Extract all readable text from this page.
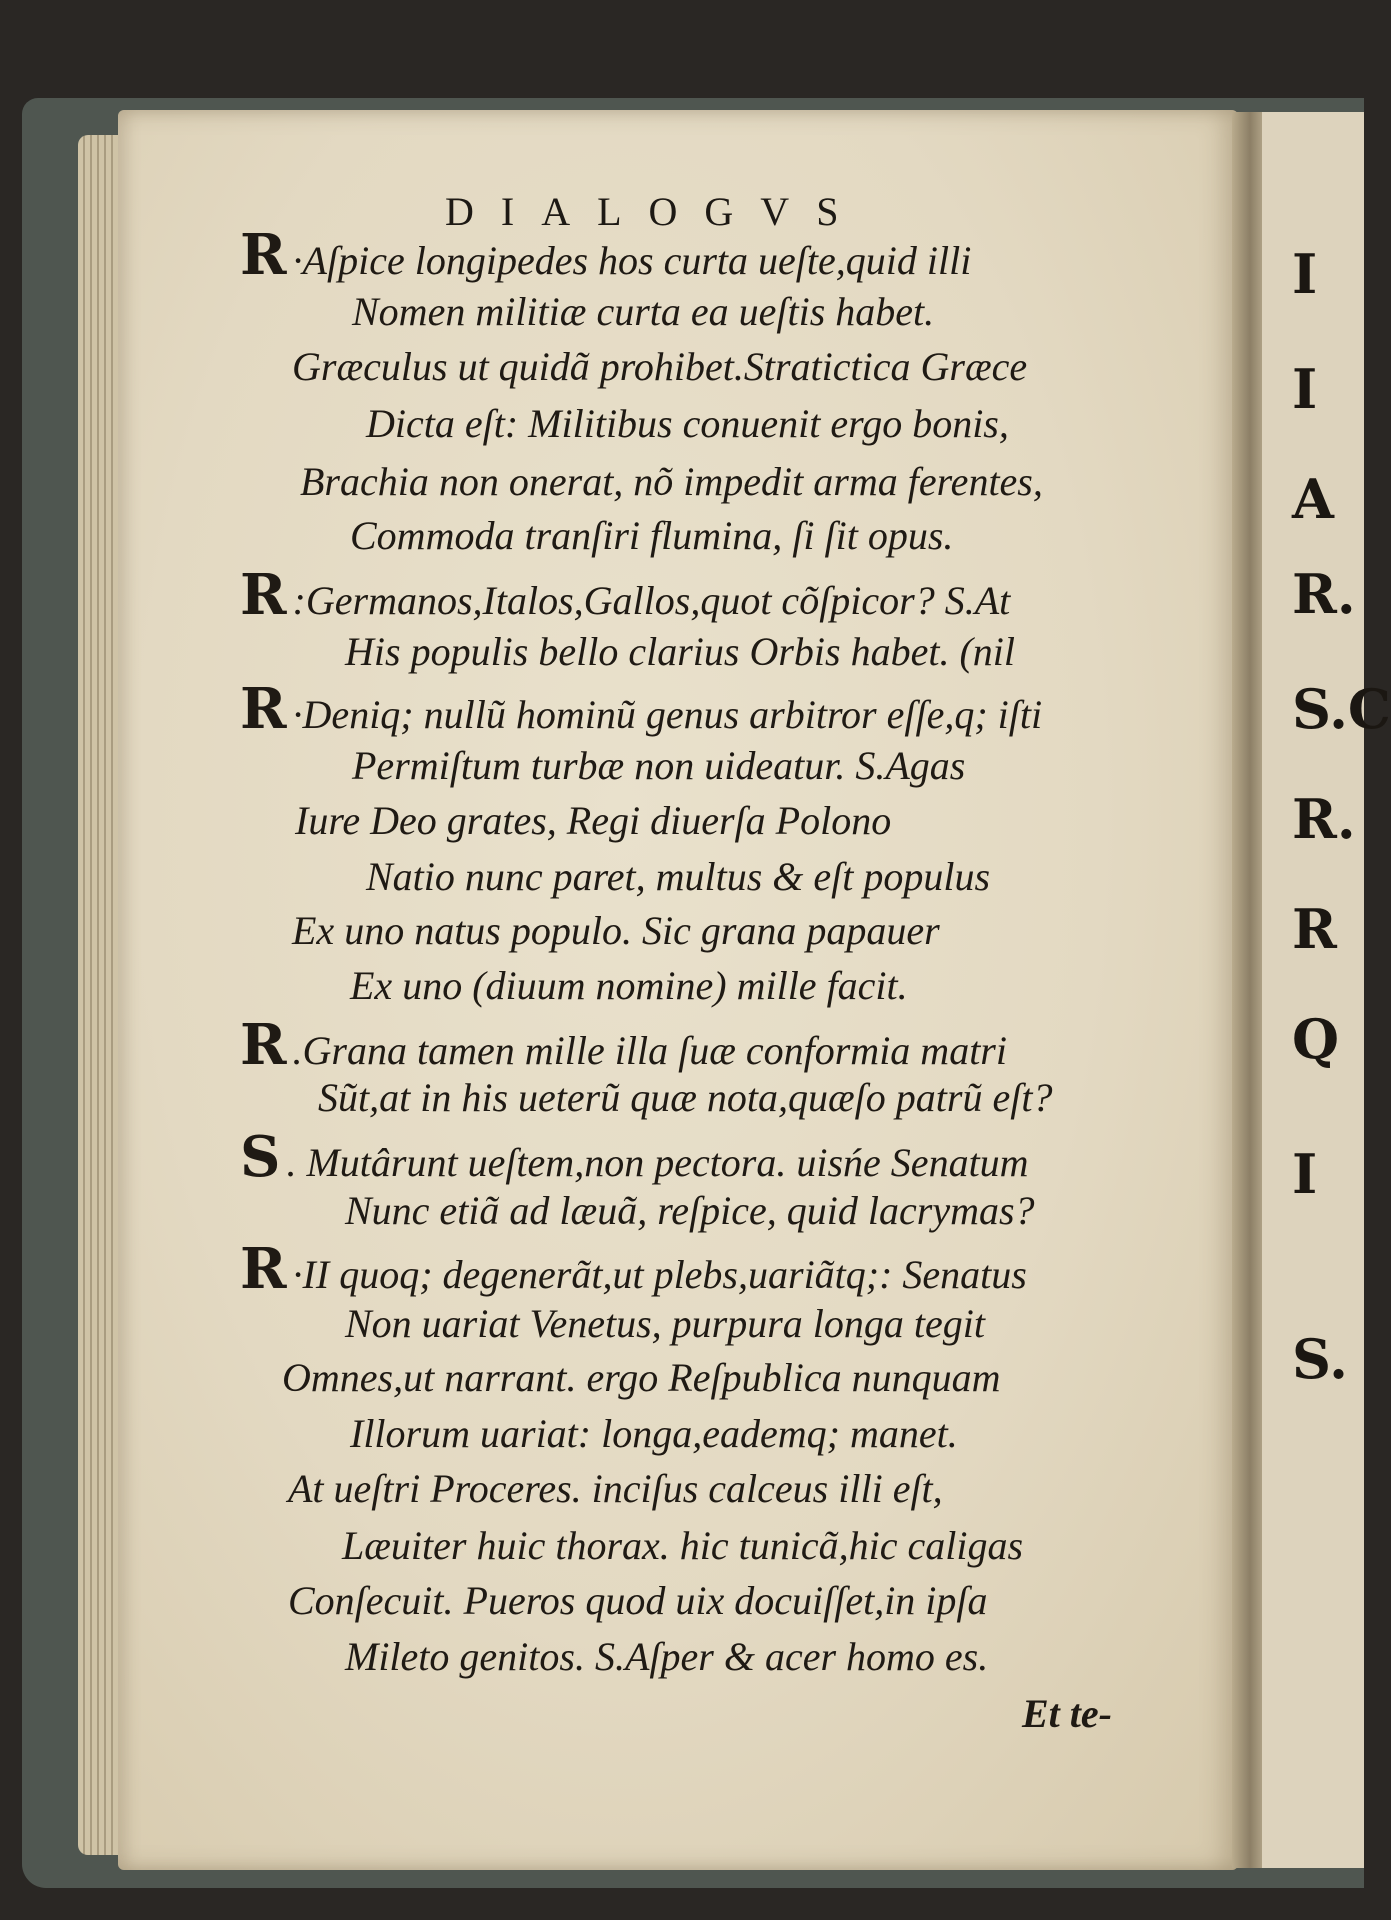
I
I
A
R.
S.C
R.
R
Q
I
S.
DIALOGVS
R ·Aſpice longipedes hos curta ueſte,quid illi
Nomen militiæ curta ea ueſtis habet.
Græculus ut quidã prohibet.Stratictica Græce
Dicta eſt: Militibus conuenit ergo bonis,
Brachia non onerat, nõ impedit arma ferentes,
Commoda tranſiri flumina, ſi ſit opus.
R :Germanos,Italos,Gallos,quot cõſpicor? S.At
His populis bello clarius Orbis habet. (nil
R ·Deniq; nullũ hominũ genus arbitror eſſe,q; iſti
Permiſtum turbæ non uideatur. S.Agas
Iure Deo grates, Regi diuerſa Polono
Natio nunc paret, multus & eſt populus
Ex uno natus populo. Sic grana papauer
Ex uno (diuum nomine) mille facit.
R .Grana tamen mille illa ſuæ conformia matri
Sũt,at in his ueterũ quæ nota,quæſo patrũ eſt?
S . Mutârunt ueſtem,non pectora. uisńe Senatum
Nunc etiã ad læuã, reſpice, quid lacrymas?
R ·II quoq; degenerãt,ut plebs,uariãtq;: Senatus
Non uariat Venetus, purpura longa tegit
Omnes,ut narrant. ergo Reſpublica nunquam
Illorum uariat: longa,eademq; manet.
At ueſtri Proceres. inciſus calceus illi eſt,
Læuiter huic thorax. hic tunicã,hic caligas
Conſecuit. Pueros quod uix docuiſſet,in ipſa
Mileto genitos. S.Aſper & acer homo es.
Et te-
